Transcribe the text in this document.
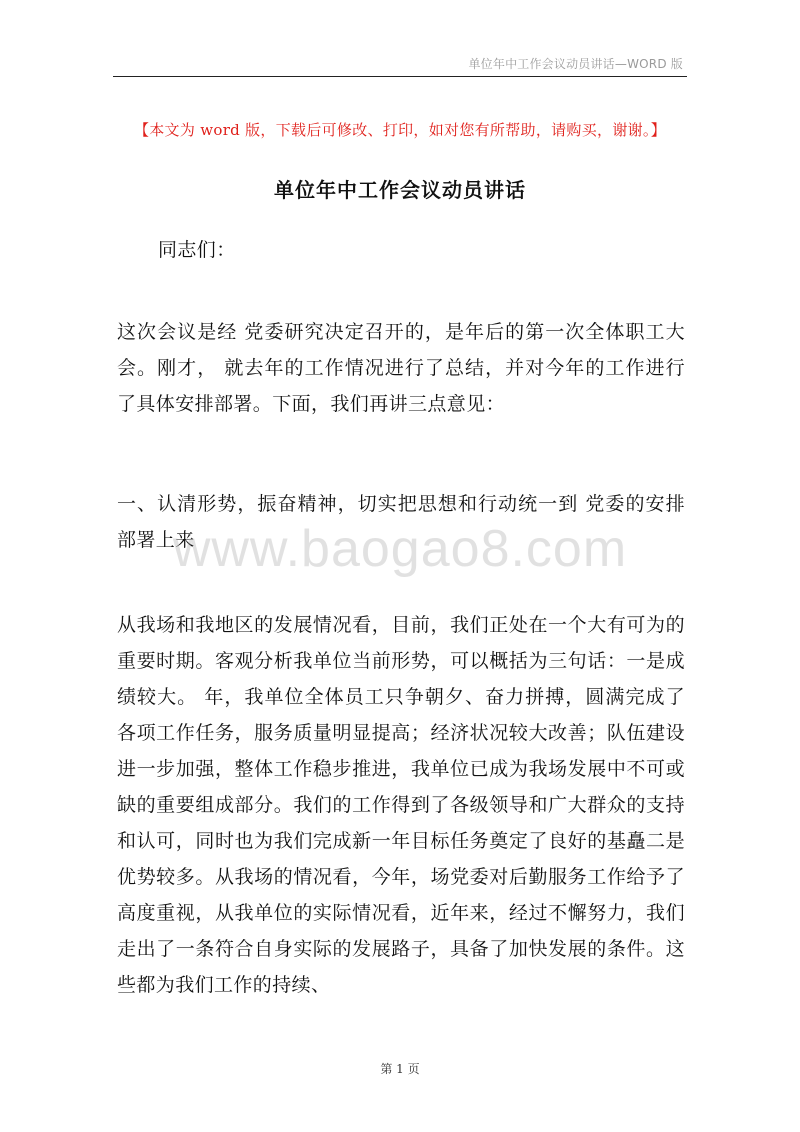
单位年中工作会议动员讲话—WORD 版
【本文为 word 版，下载后可修改、打印，如对您有所帮助，请购买，谢谢。】
单位年中工作会议动员讲话
同志们：
这次会议是经 党委研究决定召开的，是年后的第一次全体职工大会。刚才， 就去年的工作情况进行了总结，并对今年的工作进行了具体安排部署。下面，我们再讲三点意见：
一、认清形势，振奋精神，切实把思想和行动统一到 党委的安排部署上来
www.baogao8.com
从我场和我地区的发展情况看，目前，我们正处在一个大有可为的重要时期。客观分析我单位当前形势，可以概括为三句话：一是成绩较大。 年，我单位全体员工只争朝夕、奋力拼搏，圆满完成了各项工作任务，服务质量明显提高；经济状况较大改善；队伍建设进一步加强，整体工作稳步推进，我单位已成为我场发展中不可或缺的重要组成部分。我们的工作得到了各级领导和广大群众的支持和认可，同时也为我们完成新一年目标任务奠定了良好的基矗二是优势较多。从我场的情况看，今年，场党委对后勤服务工作给予了高度重视，从我单位的实际情况看，近年来，经过不懈努力，我们走出了一条符合自身实际的发展路子，具备了加快发展的条件。这些都为我们工作的持续、
第 1 页
